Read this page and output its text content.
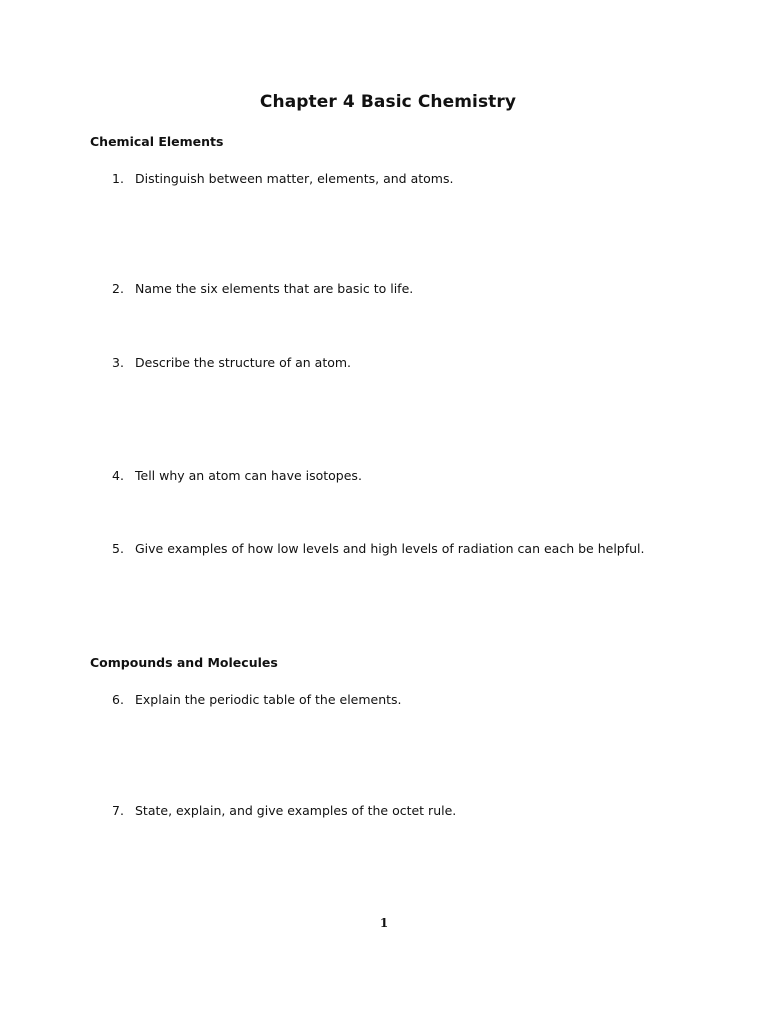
Chapter 4 Basic Chemistry
Chemical Elements
1. Distinguish between matter, elements, and atoms.
2. Name the six elements that are basic to life.
3. Describe the structure of an atom.
4. Tell why an atom can have isotopes.
5. Give examples of how low levels and high levels of radiation can each be helpful.
Compounds and Molecules
6. Explain the periodic table of the elements.
7. State, explain, and give examples of the octet rule.
1
